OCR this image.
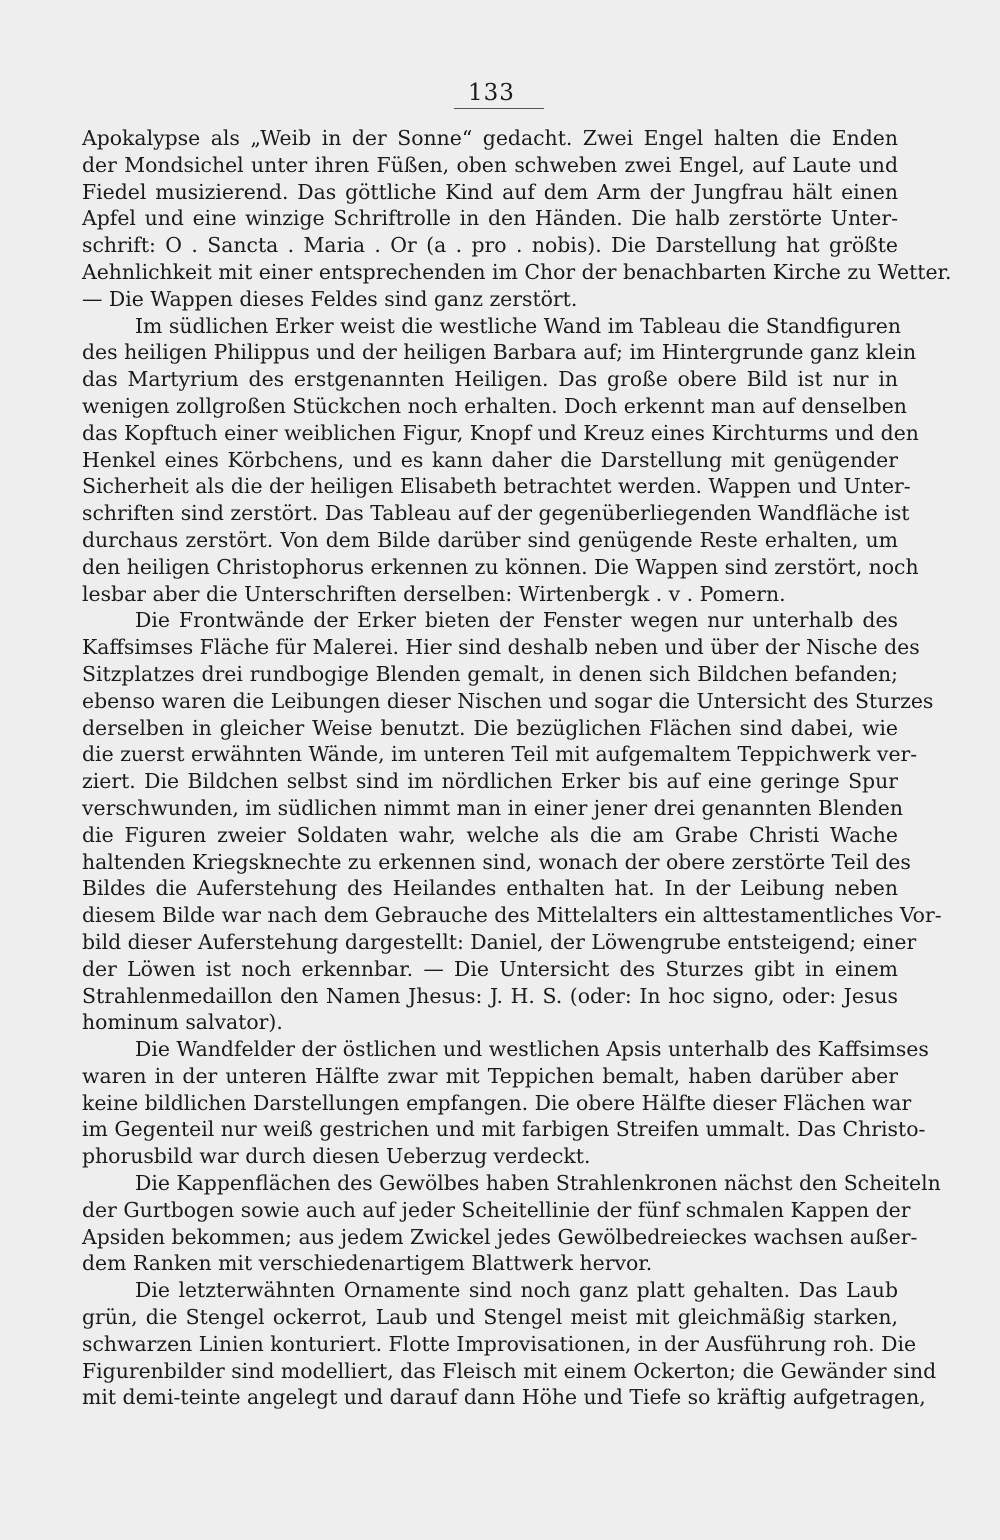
133

Apokalypse als „Weib in der Sonne“ gedacht. Zwei Engel halten die Enden
der Mondsichel unter ihren Füßen, oben schweben zwei Engel, auf Laute und
Fiedel musizierend. Das göttliche Kind auf dem Arm der Jungfrau hält einen
Apfel und eine winzige Schriftrolle in den Händen. Die halb zerstörte Unter-
schrift: O . Sancta . Maria . Or (a . pro . nobis). Die Darstellung hat größte
Aehnlichkeit mit einer entsprechenden im Chor der benachbarten Kirche zu Wetter.
— Die Wappen dieses Feldes sind ganz zerstört.

Im südlichen Erker weist die westliche Wand im Tableau die Standfiguren
des heiligen Philippus und der heiligen Barbara auf; im Hintergrunde ganz klein
das Martyrium des erstgenannten Heiligen. Das große obere Bild ist nur in
wenigen zollgroßen Stückchen noch erhalten. Doch erkennt man auf denselben
das Kopftuch einer weiblichen Figur, Knopf und Kreuz eines Kirchturms und den
Henkel eines Körbchens, und es kann daher die Darstellung mit genügender
Sicherheit als die der heiligen Elisabeth betrachtet werden. Wappen und Unter-
schriften sind zerstört. Das Tableau auf der gegenüberliegenden Wandfläche ist
durchaus zerstört. Von dem Bilde darüber sind genügende Reste erhalten, um
den heiligen Christophorus erkennen zu können. Die Wappen sind zerstört, noch
lesbar aber die Unterschriften derselben: Wirtenbergk . v . Pomern.

Die Frontwände der Erker bieten der Fenster wegen nur unterhalb des
Kaffsimses Fläche für Malerei. Hier sind deshalb neben und über der Nische des
Sitzplatzes drei rundbogige Blenden gemalt, in denen sich Bildchen befanden;
ebenso waren die Leibungen dieser Nischen und sogar die Untersicht des Sturzes
derselben in gleicher Weise benutzt. Die bezüglichen Flächen sind dabei, wie
die zuerst erwähnten Wände, im unteren Teil mit aufgemaltem Teppichwerk ver-
ziert. Die Bildchen selbst sind im nördlichen Erker bis auf eine geringe Spur
verschwunden, im südlichen nimmt man in einer jener drei genannten Blenden
die Figuren zweier Soldaten wahr, welche als die am Grabe Christi Wache
haltenden Kriegsknechte zu erkennen sind, wonach der obere zerstörte Teil des
Bildes die Auferstehung des Heilandes enthalten hat. In der Leibung neben
diesem Bilde war nach dem Gebrauche des Mittelalters ein alttestamentliches Vor-
bild dieser Auferstehung dargestellt: Daniel, der Löwengrube entsteigend; einer
der Löwen ist noch erkennbar. — Die Untersicht des Sturzes gibt in einem
Strahlenmedaillon den Namen Jhesus: J. H. S. (oder: In hoc signo, oder: Jesus
hominum salvator).

Die Wandfelder der östlichen und westlichen Apsis unterhalb des Kaffsimses
waren in der unteren Hälfte zwar mit Teppichen bemalt, haben darüber aber
keine bildlichen Darstellungen empfangen. Die obere Hälfte dieser Flächen war
im Gegenteil nur weiß gestrichen und mit farbigen Streifen ummalt. Das Christo-
phorusbild war durch diesen Ueberzug verdeckt.

Die Kappenflächen des Gewölbes haben Strahlenkronen nächst den Scheiteln
der Gurtbogen sowie auch auf jeder Scheitellinie der fünf schmalen Kappen der
Apsiden bekommen; aus jedem Zwickel jedes Gewölbedreieckes wachsen außer-
dem Ranken mit verschiedenartigem Blattwerk hervor.

Die letzterwähnten Ornamente sind noch ganz platt gehalten. Das Laub
grün, die Stengel ockerrot, Laub und Stengel meist mit gleichmäßig starken,
schwarzen Linien konturiert. Flotte Improvisationen, in der Ausführung roh. Die
Figurenbilder sind modelliert, das Fleisch mit einem Ockerton; die Gewänder sind
mit demi-teinte angelegt und darauf dann Höhe und Tiefe so kräftig aufgetragen,
